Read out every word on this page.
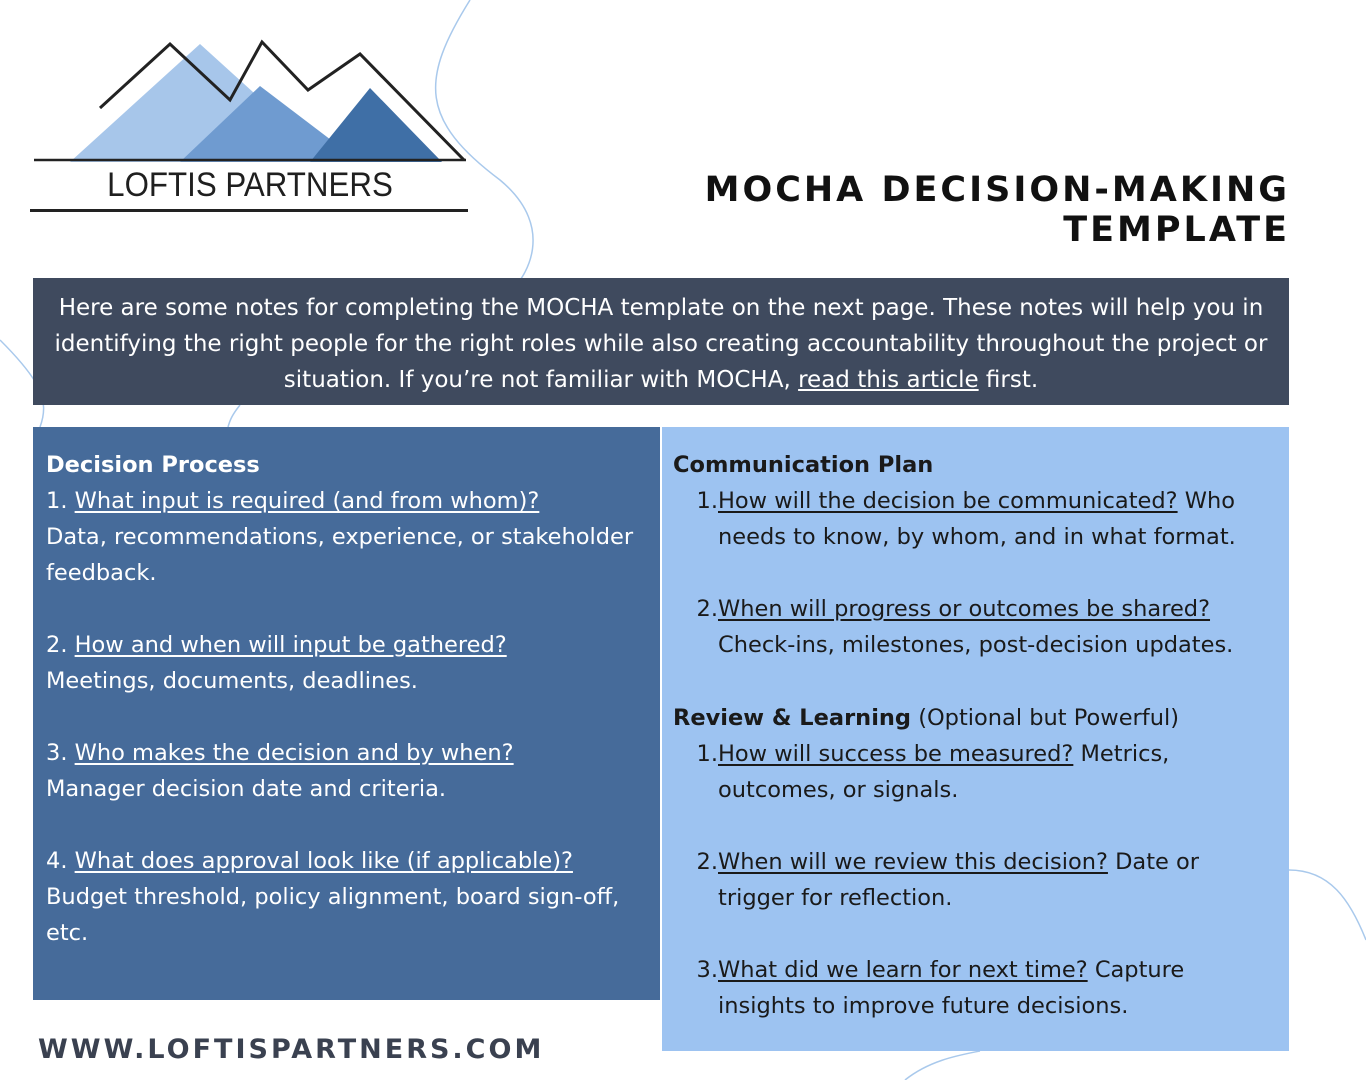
LOFTIS PARTNERS	MOCHA DECISION-MAKING TEMPLATE
Here are some notes for completing the MOCHA template on the next page. These notes will help you in identifying the right people for the right roles while also creating accountability throughout the project or situation. If you’re not familiar with MOCHA, read this article first.
Decision Process
1. What input is required (and from whom)?
Data, recommendations, experience, or stakeholder feedback.
2. How and when will input be gathered?
Meetings, documents, deadlines.
3. Who makes the decision and by when?
Manager decision date and criteria.
4. What does approval look like (if applicable)?
Budget threshold, policy alignment, board sign-off, etc.
Communication Plan
1. How will the decision be communicated? Who needs to know, by whom, and in what format.
2. When will progress or outcomes be shared? Check-ins, milestones, post-decision updates.
Review & Learning (Optional but Powerful)
1. How will success be measured? Metrics, outcomes, or signals.
2. When will we review this decision? Date or trigger for reflection.
3. What did we learn for next time? Capture insights to improve future decisions.
WWW.LOFTISPARTNERS.COM
